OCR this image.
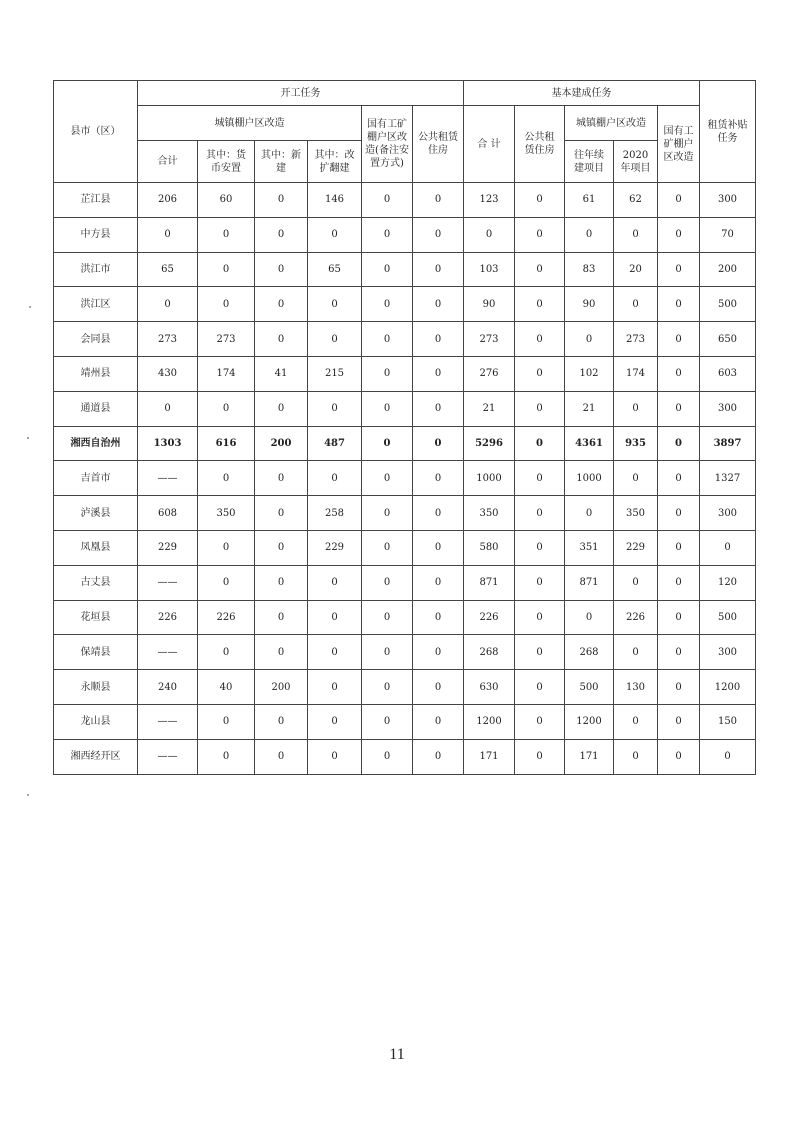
县市（区）	开工任务						基本建成任务					租赁补贴任务
	城镇棚户区改造				国有工矿棚户区改造(备注安置方式)	公共租赁住房	合 计	公共租赁住房	城镇棚户区改造		国有工矿棚户区改造	
	合计	其中：货币安置	其中：新　建	其中：改扩翻建					往年续建项目	2020年项目		
芷江县	206	60	0	146	0	0	123	0	61	62	0	300
中方县	0	0	0	0	0	0	0	0	0	0	0	70
洪江市	65	0	0	65	0	0	103	0	83	20	0	200
洪江区	0	0	0	0	0	0	90	0	90	0	0	500
会同县	273	273	0	0	0	0	273	0	0	273	0	650
靖州县	430	174	41	215	0	0	276	0	102	174	0	603
通道县	0	0	0	0	0	0	21	0	21	0	0	300
湘西自治州	1303	616	200	487	0	0	5296	0	4361	935	0	3897
吉首市	——	0	0	0	0	0	1000	0	1000	0	0	1327
泸溪县	608	350	0	258	0	0	350	0	0	350	0	300
凤凰县	229	0	0	229	0	0	580	0	351	229	0	0
古丈县	——	0	0	0	0	0	871	0	871	0	0	120
花垣县	226	226	0	0	0	0	226	0	0	226	0	500
保靖县	——	0	0	0	0	0	268	0	268	0	0	300
永顺县	240	40	200	0	0	0	630	0	500	130	0	1200
龙山县	——	0	0	0	0	0	1200	0	1200	0	0	150
湘西经开区	——	0	0	0	0	0	171	0	171	0	0	0
11
